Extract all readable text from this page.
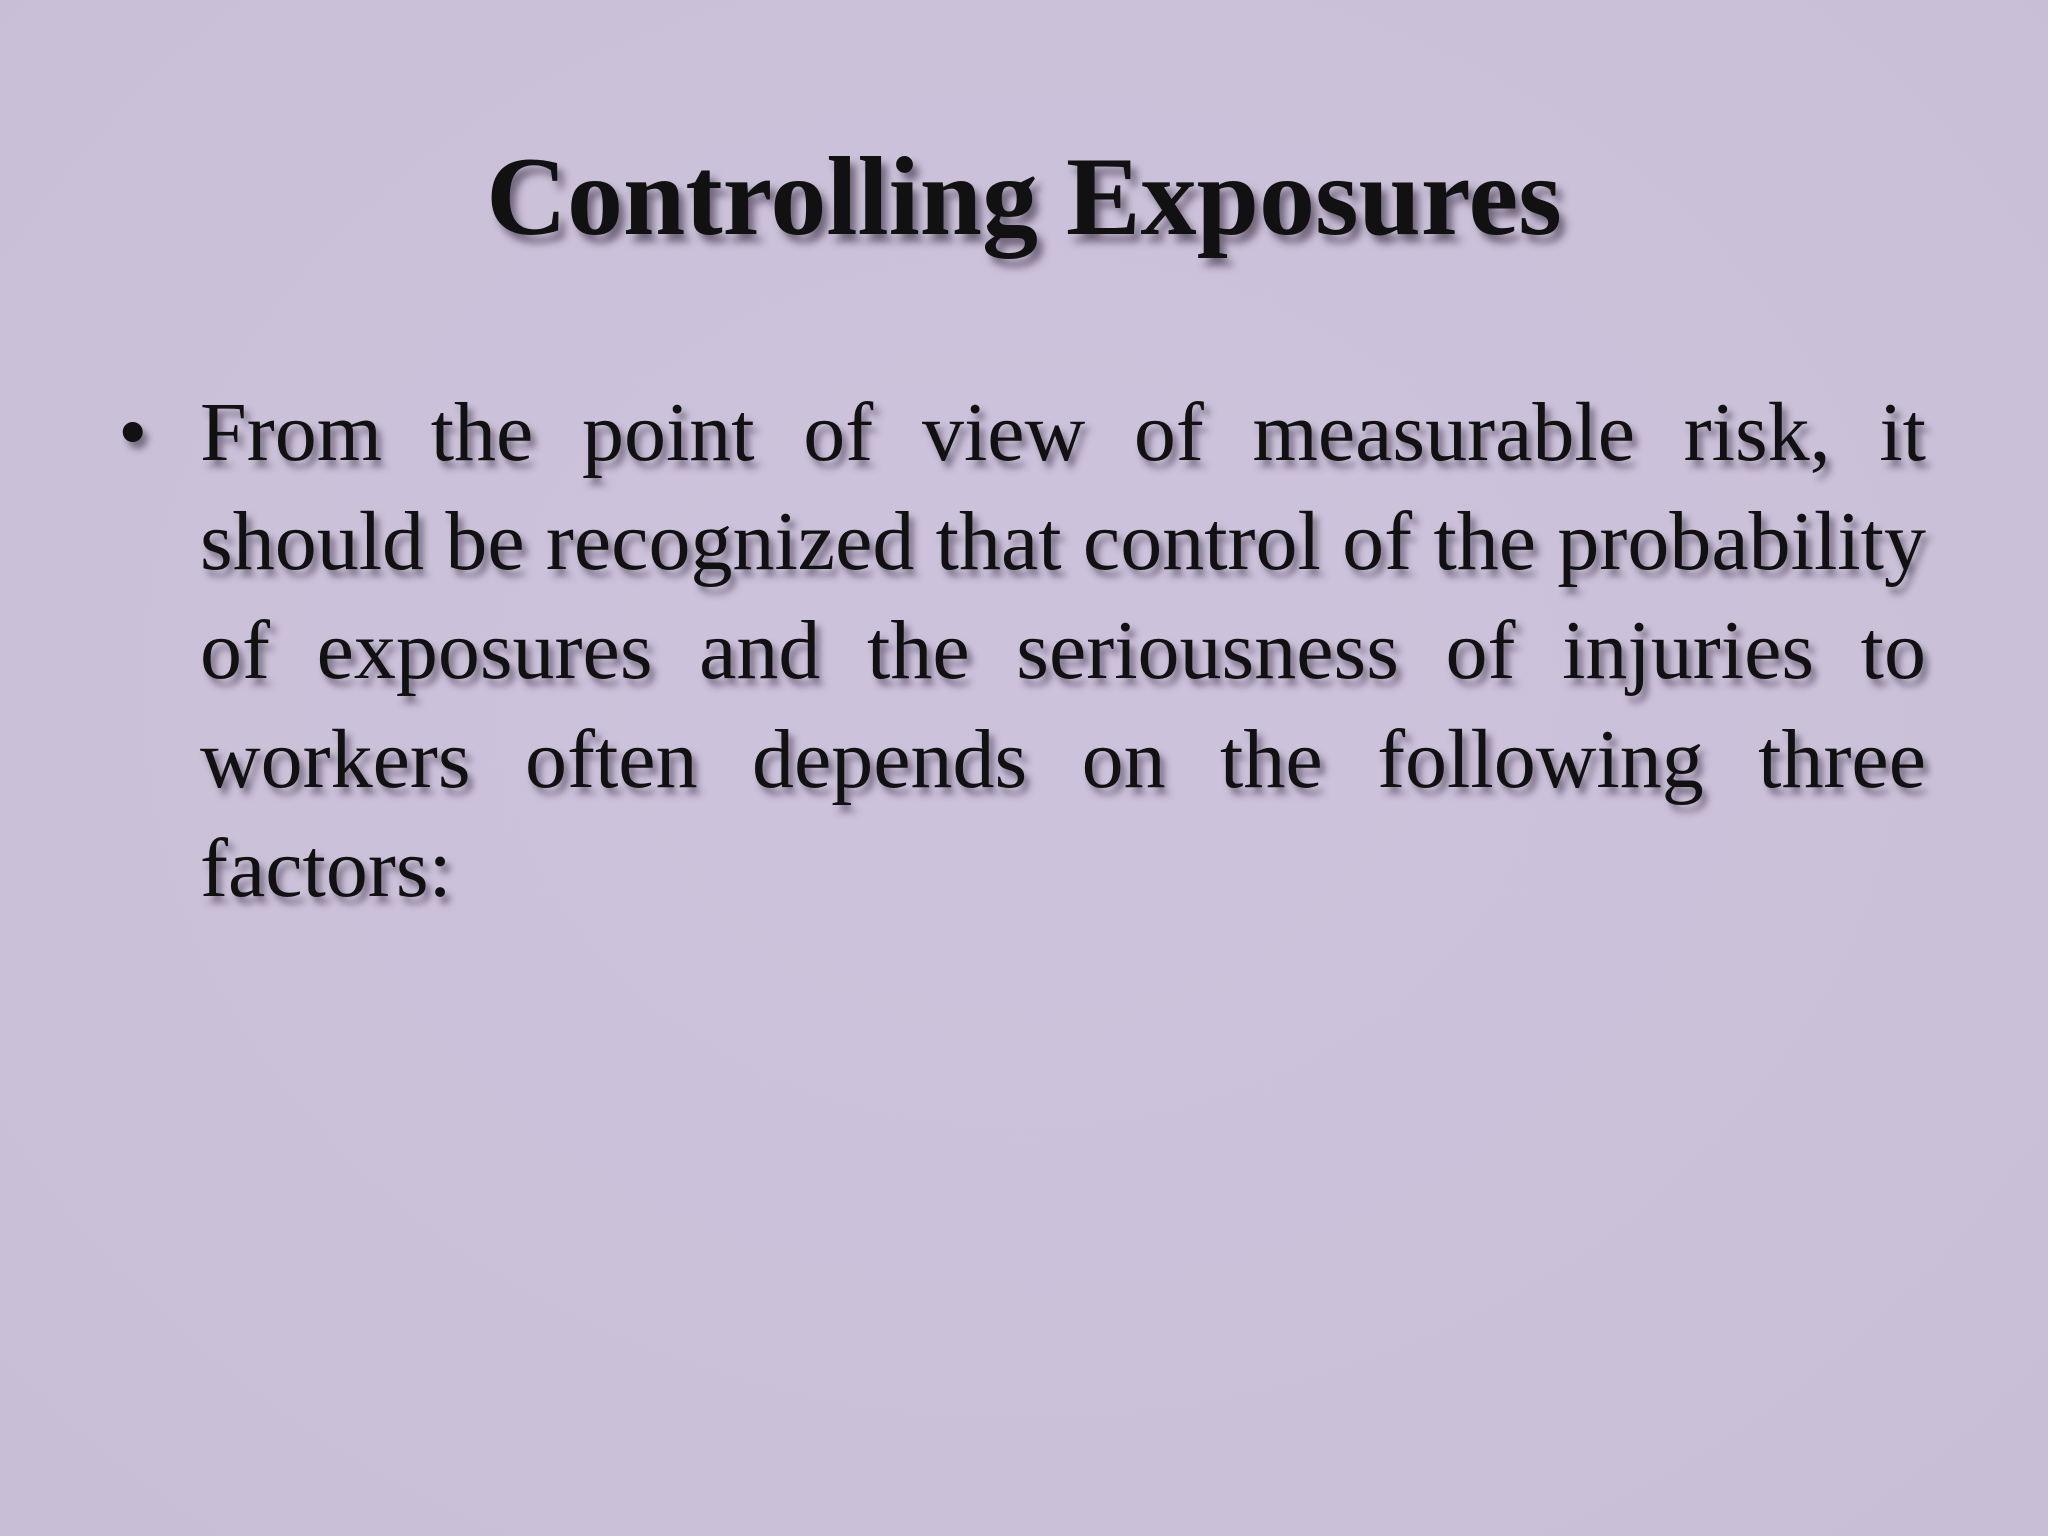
Controlling Exposures
• From the point of view of measurable risk, it should be recognized that control of the probability of exposures and the seriousness of injuries to workers often depends on the following three factors:
